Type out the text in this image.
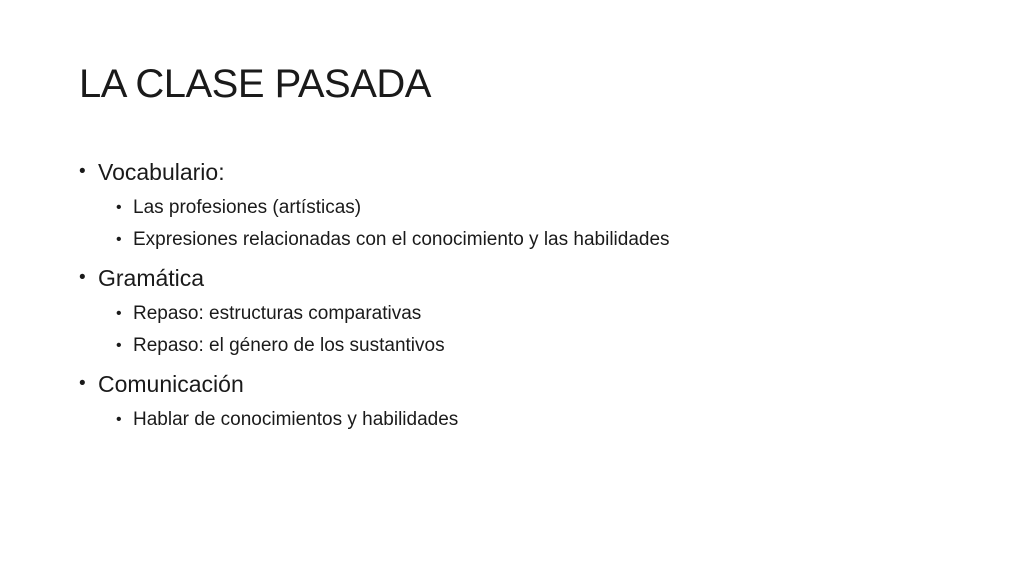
LA CLASE PASADA
• Vocabulario:
• Las profesiones (artísticas)
• Expresiones relacionadas con el conocimiento y las habilidades
• Gramática
• Repaso: estructuras comparativas
• Repaso: el género de los sustantivos
• Comunicación
• Hablar de conocimientos y habilidades
